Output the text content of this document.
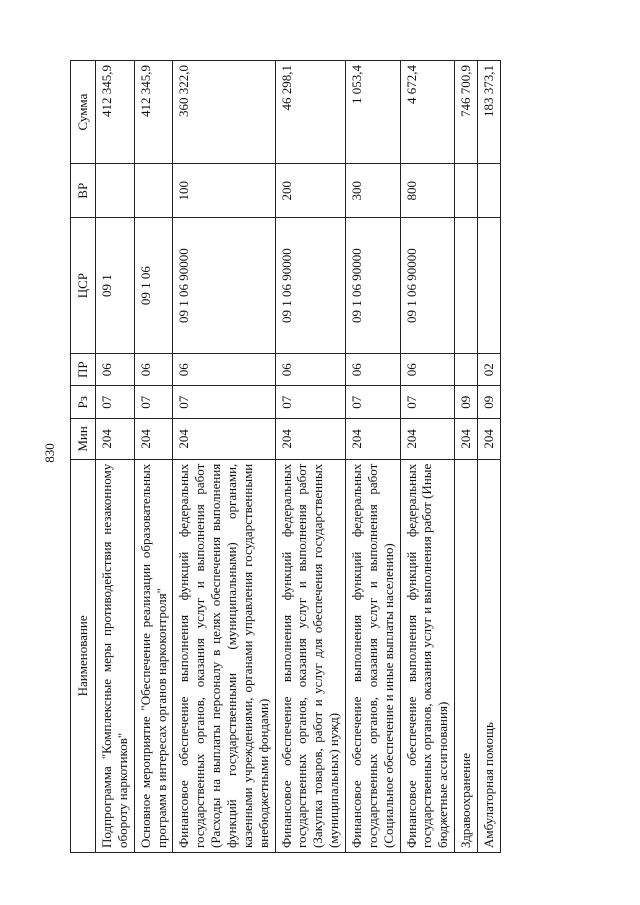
830
Наименование	Мин	Рз	ПР	ЦСР	ВР	Сумма
Подпрограмма "Комплексные меры противодействия незаконному обороту наркотиков"	204	07	06	09 1		412 345,9
Основное мероприятие "Обеспечение реализации образовательных программ в интересах органов наркоконтроля"	204	07	06	09 1 06		412 345,9
Финансовое обеспечение выполнения функций федеральных государственных органов, оказания услуг и выполнения работ (Расходы на выплаты персоналу в целях обеспечения выполнения функций государственными (муниципальными) органами, казенными учреждениями, органами управления государственными внебюджетными фондами)	204	07	06	09 1 06 90000	100	360 322,0
Финансовое обеспечение выполнения функций федеральных государственных органов, оказания услуг и выполнения работ (Закупка товаров, работ и услуг для обеспечения государственных (муниципальных) нужд)	204	07	06	09 1 06 90000	200	46 298,1
Финансовое обеспечение выполнения функций федеральных государственных органов, оказания услуг и выполнения работ (Социальное обеспечение и иные выплаты населению)	204	07	06	09 1 06 90000	300	1 053,4
Финансовое обеспечение выполнения функций федеральных государственных органов, оказания услуг и выполнения работ (Иные бюджетные ассигнования)	204	07	06	09 1 06 90000	800	4 672,4
Здравоохранение	204	09				746 700,9
Амбулаторная помощь	204	09	02			183 373,1
